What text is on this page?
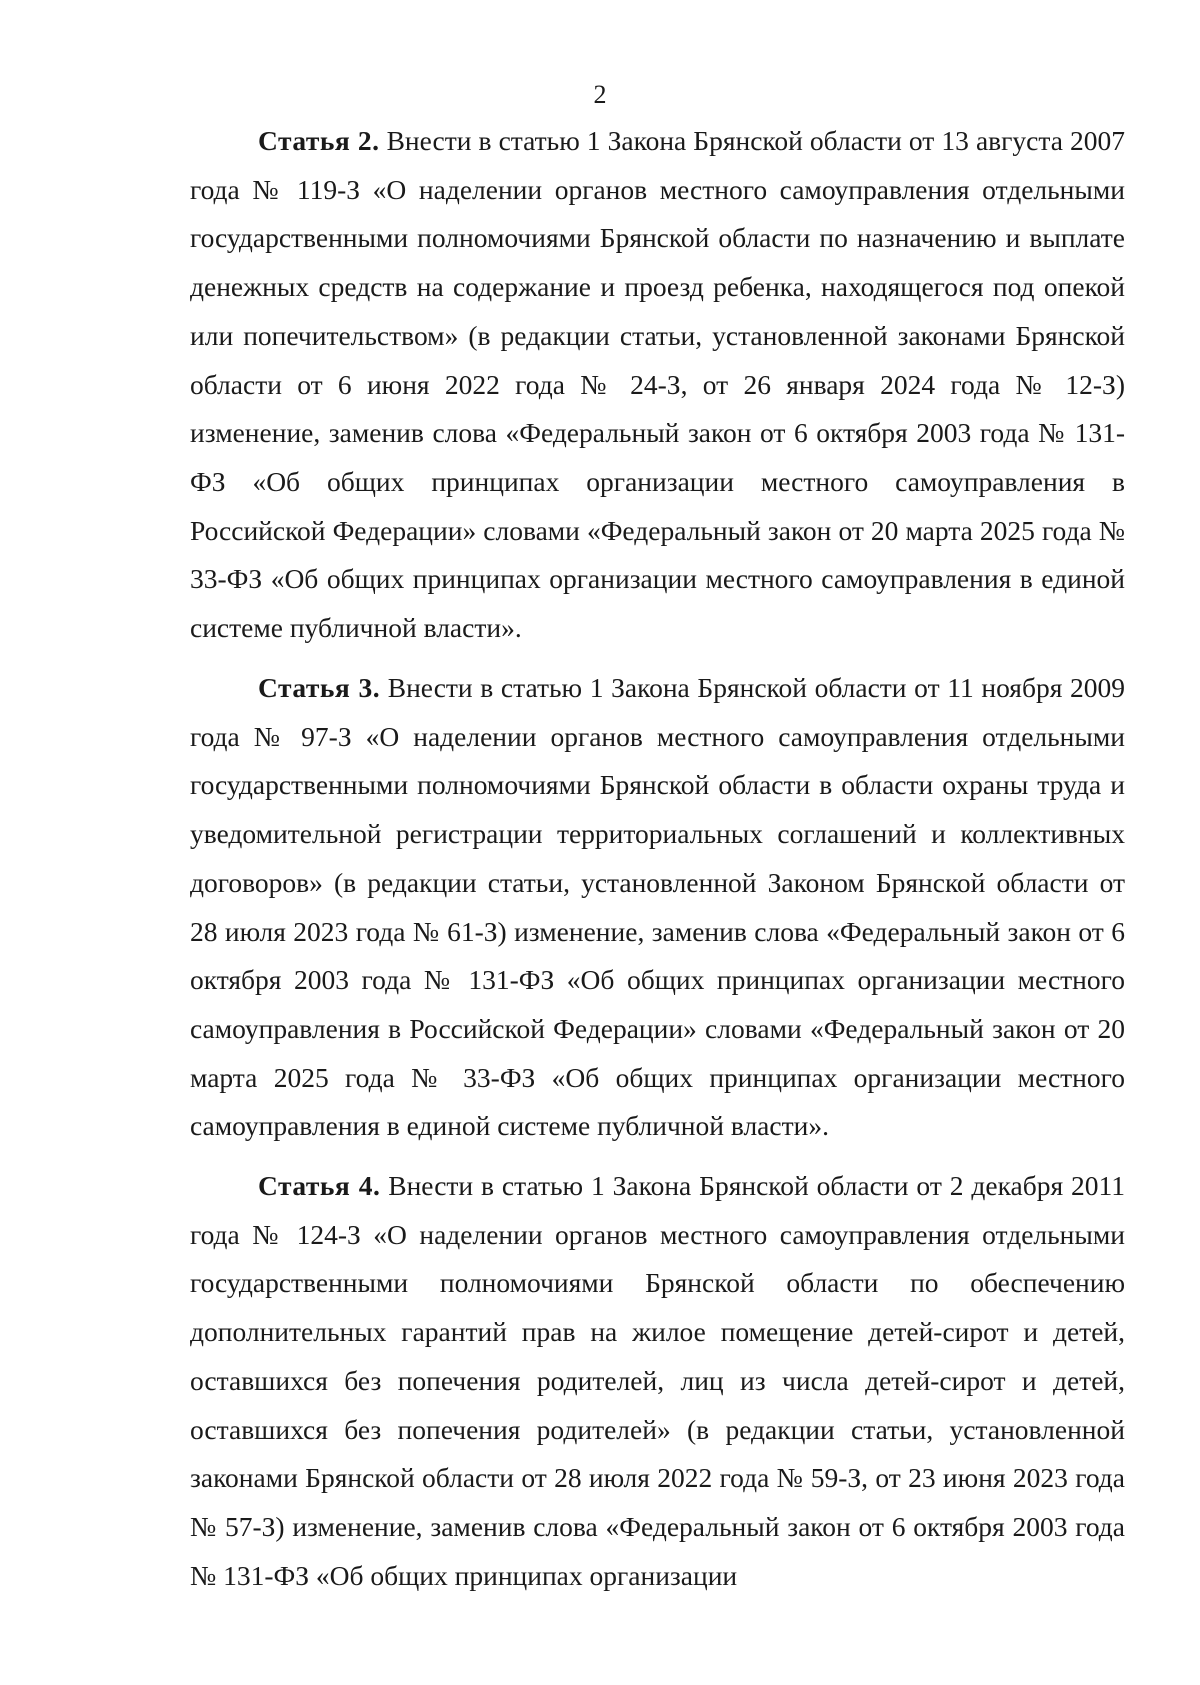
2

Статья 2. Внести в статью 1 Закона Брянской области от 13 августа 2007 года № 119-З «О наделении органов местного самоуправления отдельными государственными полномочиями Брянской области по назначению и выплате денежных средств на содержание и проезд ребенка, находящегося под опекой или попечительством» (в редакции статьи, установленной законами Брянской области от 6 июня 2022 года № 24-З, от 26 января 2024 года № 12-З) изменение, заменив слова «Федеральный закон от 6 октября 2003 года № 131-ФЗ «Об общих принципах организации местного самоуправления в Российской Федерации» словами «Федеральный закон от 20 марта 2025 года № 33-ФЗ «Об общих принципах организации местного самоуправления в единой системе публичной власти».

Статья 3. Внести в статью 1 Закона Брянской области от 11 ноября 2009 года № 97-З «О наделении органов местного самоуправления отдельными государственными полномочиями Брянской области в области охраны труда и уведомительной регистрации территориальных соглашений и коллективных договоров» (в редакции статьи, установленной Законом Брянской области от 28 июля 2023 года № 61-З) изменение, заменив слова «Федеральный закон от 6 октября 2003 года № 131-ФЗ «Об общих принципах организации местного самоуправления в Российской Федерации» словами «Федеральный закон от 20 марта 2025 года № 33-ФЗ «Об общих принципах организации местного самоуправления в единой системе публичной власти».

Статья 4. Внести в статью 1 Закона Брянской области от 2 декабря 2011 года № 124-З «О наделении органов местного самоуправления отдельными государственными полномочиями Брянской области по обеспечению дополнительных гарантий прав на жилое помещение детей-сирот и детей, оставшихся без попечения родителей, лиц из числа детей-сирот и детей, оставшихся без попечения родителей» (в редакции статьи, установленной законами Брянской области от 28 июля 2022 года № 59-З, от 23 июня 2023 года № 57-З) изменение, заменив слова «Федеральный закон от 6 октября 2003 года № 131-ФЗ «Об общих принципах организации
